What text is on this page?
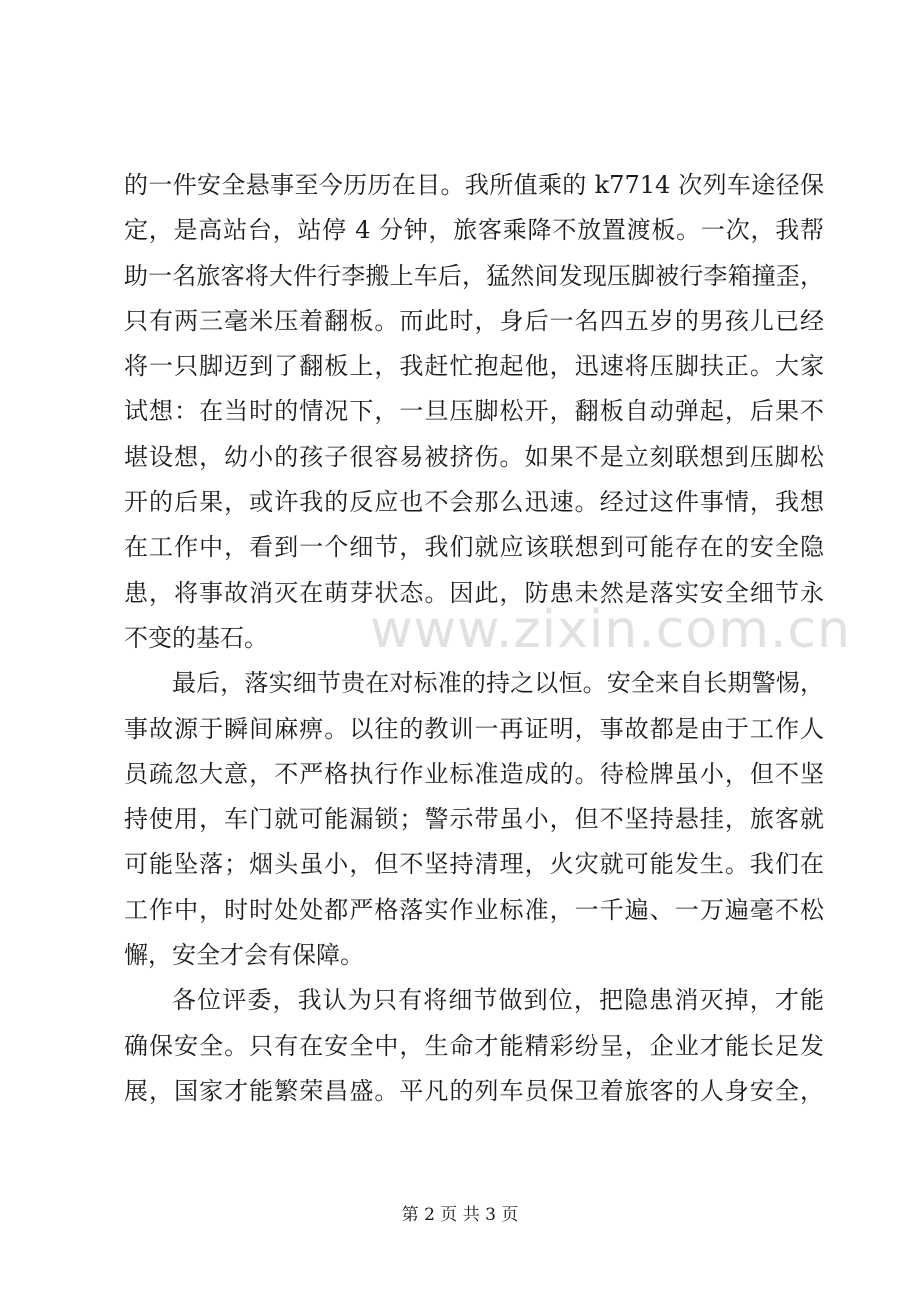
的一件安全悬事至今历历在目。我所值乘的 k7714 次列车途径保
定，是高站台，站停 4 分钟，旅客乘降不放置渡板。一次，我帮
助一名旅客将大件行李搬上车后，猛然间发现压脚被行李箱撞歪，
只有两三毫米压着翻板。而此时，身后一名四五岁的男孩儿已经
将一只脚迈到了翻板上，我赶忙抱起他，迅速将压脚扶正。大家
试想：在当时的情况下，一旦压脚松开，翻板自动弹起，后果不
堪设想，幼小的孩子很容易被挤伤。如果不是立刻联想到压脚松
开的后果，或许我的反应也不会那么迅速。经过这件事情，我想
在工作中，看到一个细节，我们就应该联想到可能存在的安全隐
患，将事故消灭在萌芽状态。因此，防患未然是落实安全细节永
不变的基石。
最后，落实细节贵在对标准的持之以恒。安全来自长期警惕，
事故源于瞬间麻痹。以往的教训一再证明，事故都是由于工作人
员疏忽大意，不严格执行作业标准造成的。待检牌虽小，但不坚
持使用，车门就可能漏锁；警示带虽小，但不坚持悬挂，旅客就
可能坠落；烟头虽小，但不坚持清理，火灾就可能发生。我们在
工作中，时时处处都严格落实作业标准，一千遍、一万遍毫不松
懈，安全才会有保障。
各位评委，我认为只有将细节做到位，把隐患消灭掉，才能
确保安全。只有在安全中，生命才能精彩纷呈，企业才能长足发
展，国家才能繁荣昌盛。平凡的列车员保卫着旅客的人身安全，
www.zixin.com.cn
第 2 页 共 3 页
